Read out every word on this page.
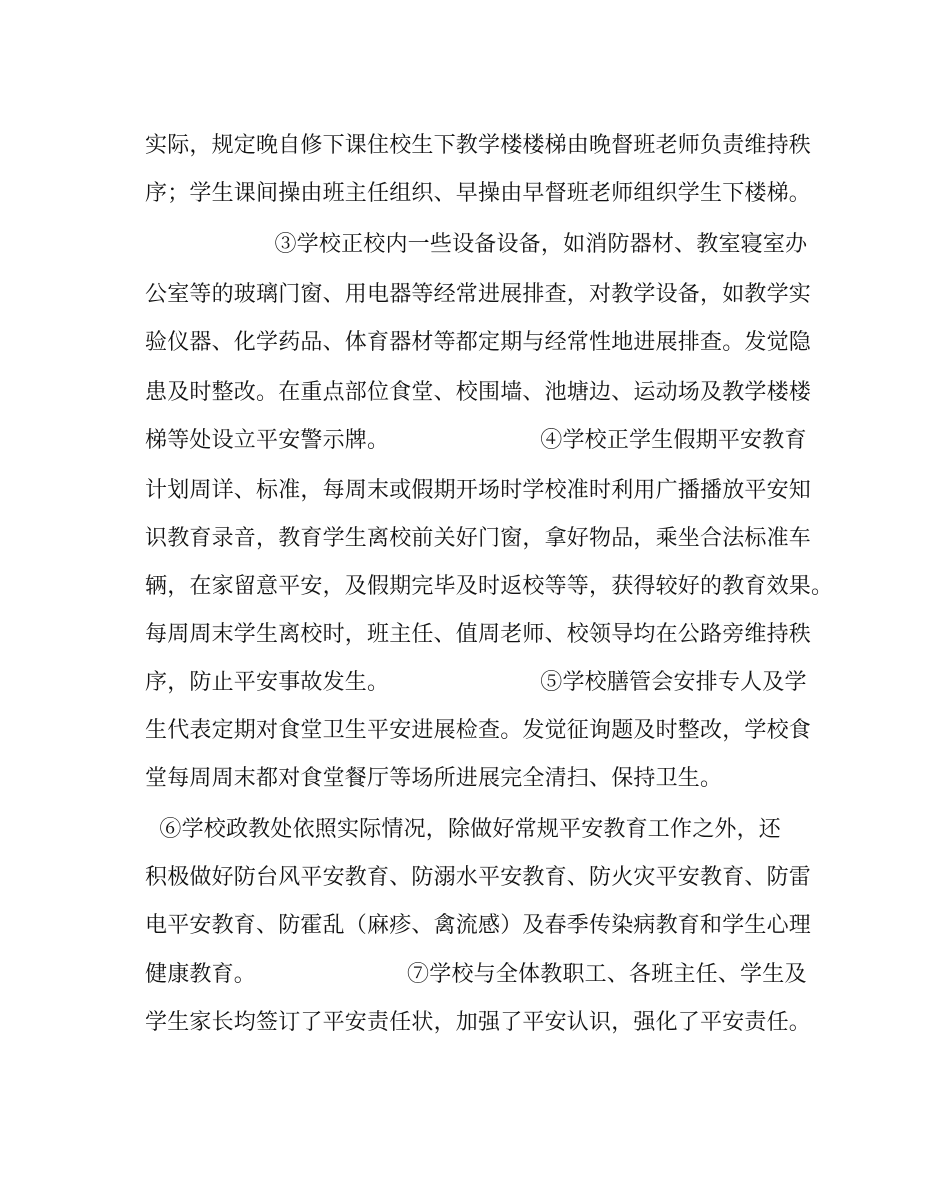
实际，规定晚自修下课住校生下教学楼楼梯由晚督班老师负责维持秩
序；学生课间操由班主任组织、早操由早督班老师组织学生下楼梯。
③学校正校内一些设备设备，如消防器材、教室寝室办
公室等的玻璃门窗、用电器等经常进展排查，对教学设备，如教学实
验仪器、化学药品、体育器材等都定期与经常性地进展排查。发觉隐
患及时整改。在重点部位食堂、校围墙、池塘边、运动场及教学楼楼
梯等处设立平安警示牌。                     ④学校正学生假期平安教育
计划周详、标准，每周末或假期开场时学校准时利用广播播放平安知
识教育录音，教育学生离校前关好门窗，拿好物品，乘坐合法标准车
辆，在家留意平安，及假期完毕及时返校等等，获得较好的教育效果。
每周周末学生离校时，班主任、值周老师、校领导均在公路旁维持秩
序，防止平安事故发生。                     ⑤学校膳管会安排专人及学
生代表定期对食堂卫生平安进展检查。发觉征询题及时整改，学校食
堂每周周末都对食堂餐厅等场所进展完全清扫、保持卫生。
⑥学校政教处依照实际情况，除做好常规平安教育工作之外，还
积极做好防台风平安教育、防溺水平安教育、防火灾平安教育、防雷
电平安教育、防霍乱（麻疹、禽流感）及春季传染病教育和学生心理
健康教育。                     ⑦学校与全体教职工、各班主任、学生及
学生家长均签订了平安责任状，加强了平安认识，强化了平安责任。
